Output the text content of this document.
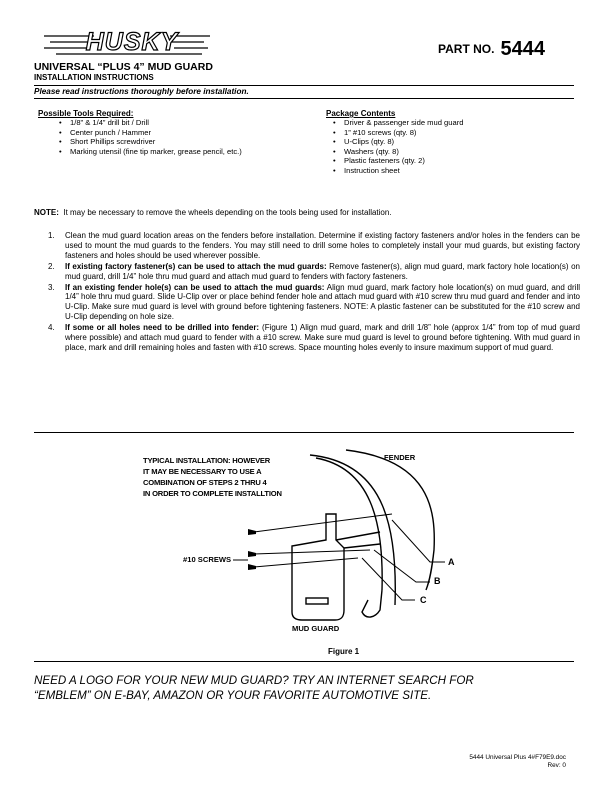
HUSKY	PART NO. 5444
UNIVERSAL “PLUS 4” MUD GUARD
INSTALLATION INSTRUCTIONS
Please read instructions thoroughly before installation.
Possible Tools Required:
• 1/8” & 1/4” drill bit / Drill
• Center punch / Hammer
• Short Phillips screwdriver
• Marking utensil (fine tip marker, grease pencil, etc.)
Package Contents
• Driver & passenger side mud guard
• 1” #10 screws (qty. 8)
• U-Clips (qty. 8)
• Washers (qty. 8)
• Plastic fasteners (qty. 2)
• Instruction sheet
NOTE: It may be necessary to remove the wheels depending on the tools being used for installation.
1. Clean the mud guard location areas on the fenders before installation. Determine if existing factory fasteners and/or holes in the fenders can be used to mount the mud guards to the fenders. You may still need to drill some holes to completely install your mud guards, but existing factory fasteners and holes should be used wherever possible.
2. If existing factory fastener(s) can be used to attach the mud guards: Remove fastener(s), align mud guard, mark factory hole location(s) on mud guard, drill 1/4” hole thru mud guard and attach mud guard to fenders with factory fasteners.
3. If an existing fender hole(s) can be used to attach the mud guards: Align mud guard, mark factory hole location(s) on mud guard, and drill 1/4” hole thru mud guard. Slide U-Clip over or place behind fender hole and attach mud guard with #10 screw thru mud guard and fender and into U-Clip. Make sure mud guard is level with ground before tightening fasteners. NOTE: A plastic fastener can be substituted for the #10 screw and U-Clip depending on hole size.
4. If some or all holes need to be drilled into fender: (Figure 1) Align mud guard, mark and drill 1/8” hole (approx 1/4” from top of mud guard where possible) and attach mud guard to fender with a #10 screw. Make sure mud guard is level to ground before tightening. With mud guard in place, mark and drill remaining holes and fasten with #10 screws. Space mounting holes evenly to insure maximum support of mud guard.
TYPICAL INSTALLATION: HOWEVER
IT MAY BE NECESSARY TO USE A
COMBINATION OF STEPS 2 THRU 4
IN ORDER TO COMPLETE INSTALLTION
FENDER
#10 SCREWS
MUD GUARD
A
B
C
Figure 1
NEED A LOGO FOR YOUR NEW MUD GUARD? TRY AN INTERNET SEARCH FOR
“EMBLEM” ON E-BAY, AMAZON OR YOUR FAVORITE AUTOMOTIVE SITE.
5444 Universal Plus 4#F79E9.doc
Rev: 0
